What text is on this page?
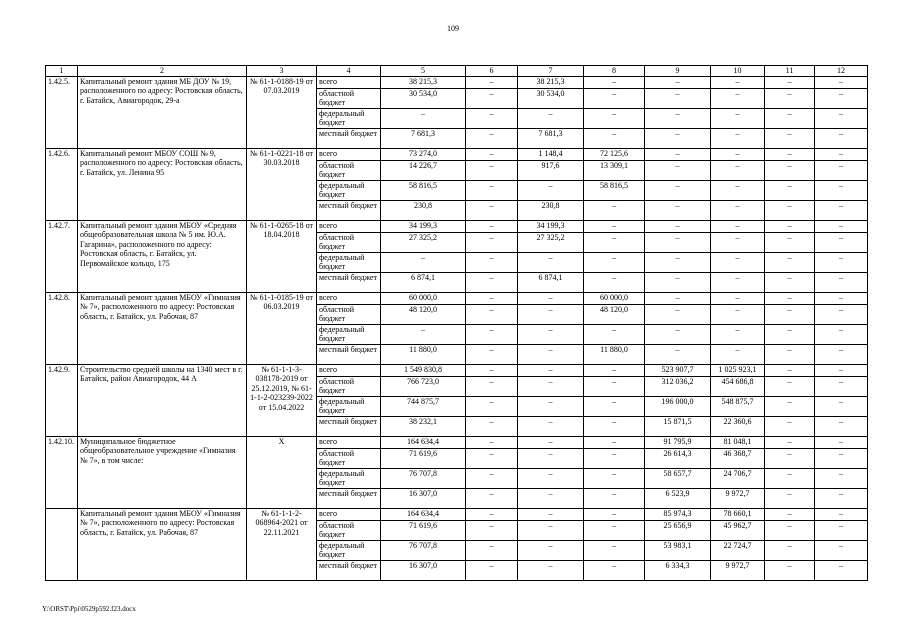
109
1	2	3	4	5	6	7	8	9	10	11	12
1.42.5.	Капитальный ремонт здания МБ ДОУ № 19, расположенного по адресу: Ростовская область, г. Батайск, Авиагородок, 29-а	№ 61-1-0188-19 от 07.03.2019	всего	38 215,3	–	38 215,3	–	–	–	–	–
			областной бюджет	30 534,0	–	30 534,0	–	–	–	–	–
			федеральный бюджет	–	–	–	–	–	–	–	–
			местный бюджет	7 681,3	–	7 681,3	–	–	–	–	–
1.42.6.	Капитальный ремонт МБОУ СОШ № 9, расположенного по адресу: Ростовская область, г. Батайск, ул. Ленина 95	№ 61-1-0221-18 от 30.03.2018	всего	73 274,0	–	1 148,4	72 125,6	–	–	–	–
			областной бюджет	14 226,7	–	917,6	13 309,1	–	–	–	–
			федеральный бюджет	58 816,5	–	–	58 816,5	–	–	–	–
			местный бюджет	230,8	–	230,8	–	–	–	–	–
1.42.7.	Капитальный ремонт здания МБОУ «Средняя общеобразовательная школа № 5 им. Ю.А. Гагарина», расположенного по адресу: Ростовская область, г. Батайск, ул. Первомайское кольцо, 175	№ 61-1-0265-18 от 18.04.2018	всего	34 199,3	–	34 199,3	–	–	–	–	–
			областной бюджет	27 325,2	–	27 325,2	–	–	–	–	–
			федеральный бюджет	–	–	–	–	–	–	–	–
			местный бюджет	6 874,1	–	6 874,1	–	–	–	–	–
1.42.8.	Капитальный ремонт здания МБОУ «Гимназия № 7», расположенного по адресу: Ростовская область, г. Батайск, ул. Рабочая, 87	№ 61-1-0185-19 от 06.03.2019	всего	60 000,0	–	–	60 000,0	–	–	–	–
			областной бюджет	48 120,0	–	–	48 120,0	–	–	–	–
			федеральный бюджет	–	–	–	–	–	–	–	–
			местный бюджет	11 880,0	–	–	11 880,0	–	–	–	–
1.42.9.	Строительство средней школы на 1340 мест в г. Батайск, район Авиагородок, 44 А	№ 61-1-1-3-038178-2019 от 25.12.2019, № 61-1-1-2-023239-2022 от 15.04.2022	всего	1 549 830,8	–	–	–	523 907,7	1 025 923,1	–	–
			областной бюджет	766 723,0	–	–	–	312 036,2	454 686,8	–	–
			федеральный бюджет	744 875,7	–	–	–	196 000,0	548 875,7	–	–
			местный бюджет	38 232,1	–	–	–	15 871,5	22 360,6	–	–
1.42.10.	Муниципальное бюджетное общеобразовательное учреждение «Гимназия № 7», в том числе:	Х	всего	164 634,4	–	–	–	91 795,9	81 048,1	–	–
			областной бюджет	71 619,6	–	–	–	26 614,3	46 368,7	–	–
			федеральный бюджет	76 707,8	–	–	–	58 657,7	24 706,7	–	–
			местный бюджет	16 307,0	–	–	–	6 523,9	9 972,7	–	–
	Капитальный ремонт здания МБОУ «Гимназия № 7», расположенного по адресу: Ростовская область, г. Батайск, ул. Рабочая, 87	№ 61-1-1-2-068964-2021 от 22.11.2021	всего	164 634,4	–	–	–	85 974,3	78 660,1	–	–
			областной бюджет	71 619,6	–	–	–	25 656,9	45 962,7	–	–
			федеральный бюджет	76 707,8	–	–	–	53 983,1	22 724,7	–	–
			местный бюджет	16 307,0	–	–	–	6 334,3	9 972,7	–	–
Y:\ORST\Ppi\0529p592.f23.docx
